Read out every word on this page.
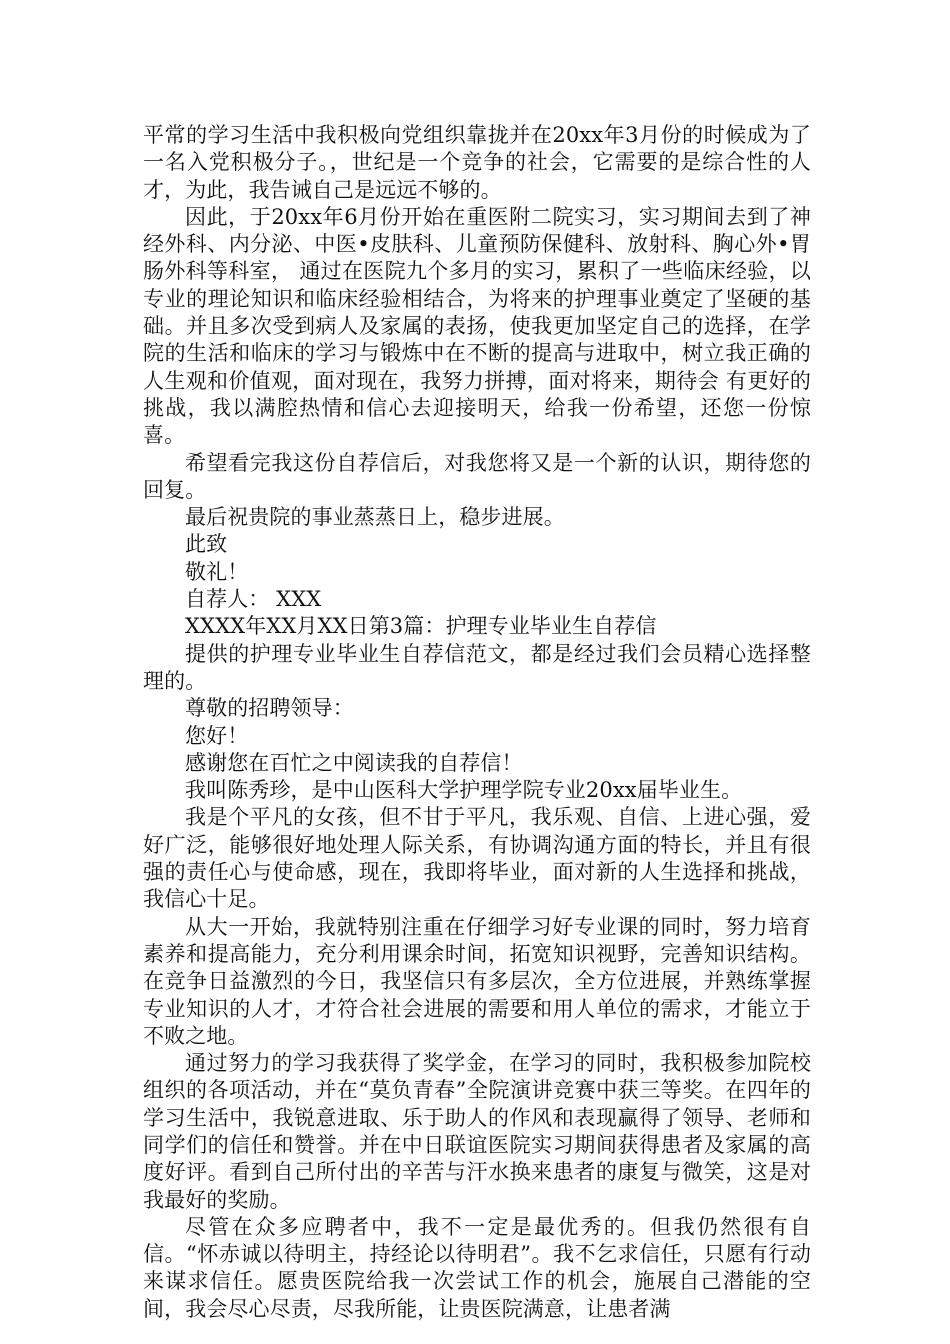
平常的学习生活中我积极向党组织靠拢并在20xx年3月份的时候成为了一名入党积极分子。，世纪是一个竞争的社会，它需要的是综合性的人才，为此，我告诫自己是远远不够的。

因此，于20xx年6月份开始在重医附二院实习，实习期间去到了神经外科、内分泌、中医•皮肤科、儿童预防保健科、放射科、胸心外•胃肠外科等科室， 通过在医院九个多月的实习，累积了一些临床经验，以专业的理论知识和临床经验相结合，为将来的护理事业奠定了坚硬的基础。并且多次受到病人及家属的表扬，使我更加坚定自己的选择，在学院的生活和临床的学习与锻炼中在不断的提高与进取中，树立我正确的人生观和价值观，面对现在，我努力拼搏，面对将来，期待会 有更好的挑战，我以满腔热情和信心去迎接明天，给我一份希望，还您一份惊喜。

希望看完我这份自荐信后，对我您将又是一个新的认识，期待您的回复。

最后祝贵院的事业蒸蒸日上，稳步进展。

此致

敬礼！

自荐人： XXX

XXXX年XX月XX日第3篇：护理专业毕业生自荐信

提供的护理专业毕业生自荐信范文，都是经过我们会员精心选择整理的。

尊敬的招聘领导：

您好！

感谢您在百忙之中阅读我的自荐信！

我叫陈秀珍，是中山医科大学护理学院专业20xx届毕业生。

我是个平凡的女孩，但不甘于平凡，我乐观、自信、上进心强，爱好广泛，能够很好地处理人际关系，有协调沟通方面的特长，并且有很强的责任心与使命感，现在，我即将毕业，面对新的人生选择和挑战，我信心十足。

从大一开始，我就特别注重在仔细学习好专业课的同时，努力培育素养和提高能力，充分利用课余时间，拓宽知识视野，完善知识结构。在竞争日益激烈的今日，我坚信只有多层次，全方位进展，并熟练掌握专业知识的人才，才符合社会进展的需要和用人单位的需求，才能立于不败之地。

通过努力的学习我获得了奖学金，在学习的同时，我积极参加院校组织的各项活动，并在“莫负青春”全院演讲竞赛中获三等奖。在四年的学习生活中，我锐意进取、乐于助人的作风和表现赢得了领导、老师和同学们的信任和赞誉。并在中日联谊医院实习期间获得患者及家属的高度好评。看到自己所付出的辛苦与汗水换来患者的康复与微笑，这是对我最好的奖励。

尽管在众多应聘者中，我不一定是最优秀的。但我仍然很有自信。“怀赤诚以待明主，持经论以待明君”。我不乞求信任，只愿有行动来谋求信任。愿贵医院给我一次尝试工作的机会，施展自己潜能的空间，我会尽心尽责，尽我所能，让贵医院满意，让患者满
